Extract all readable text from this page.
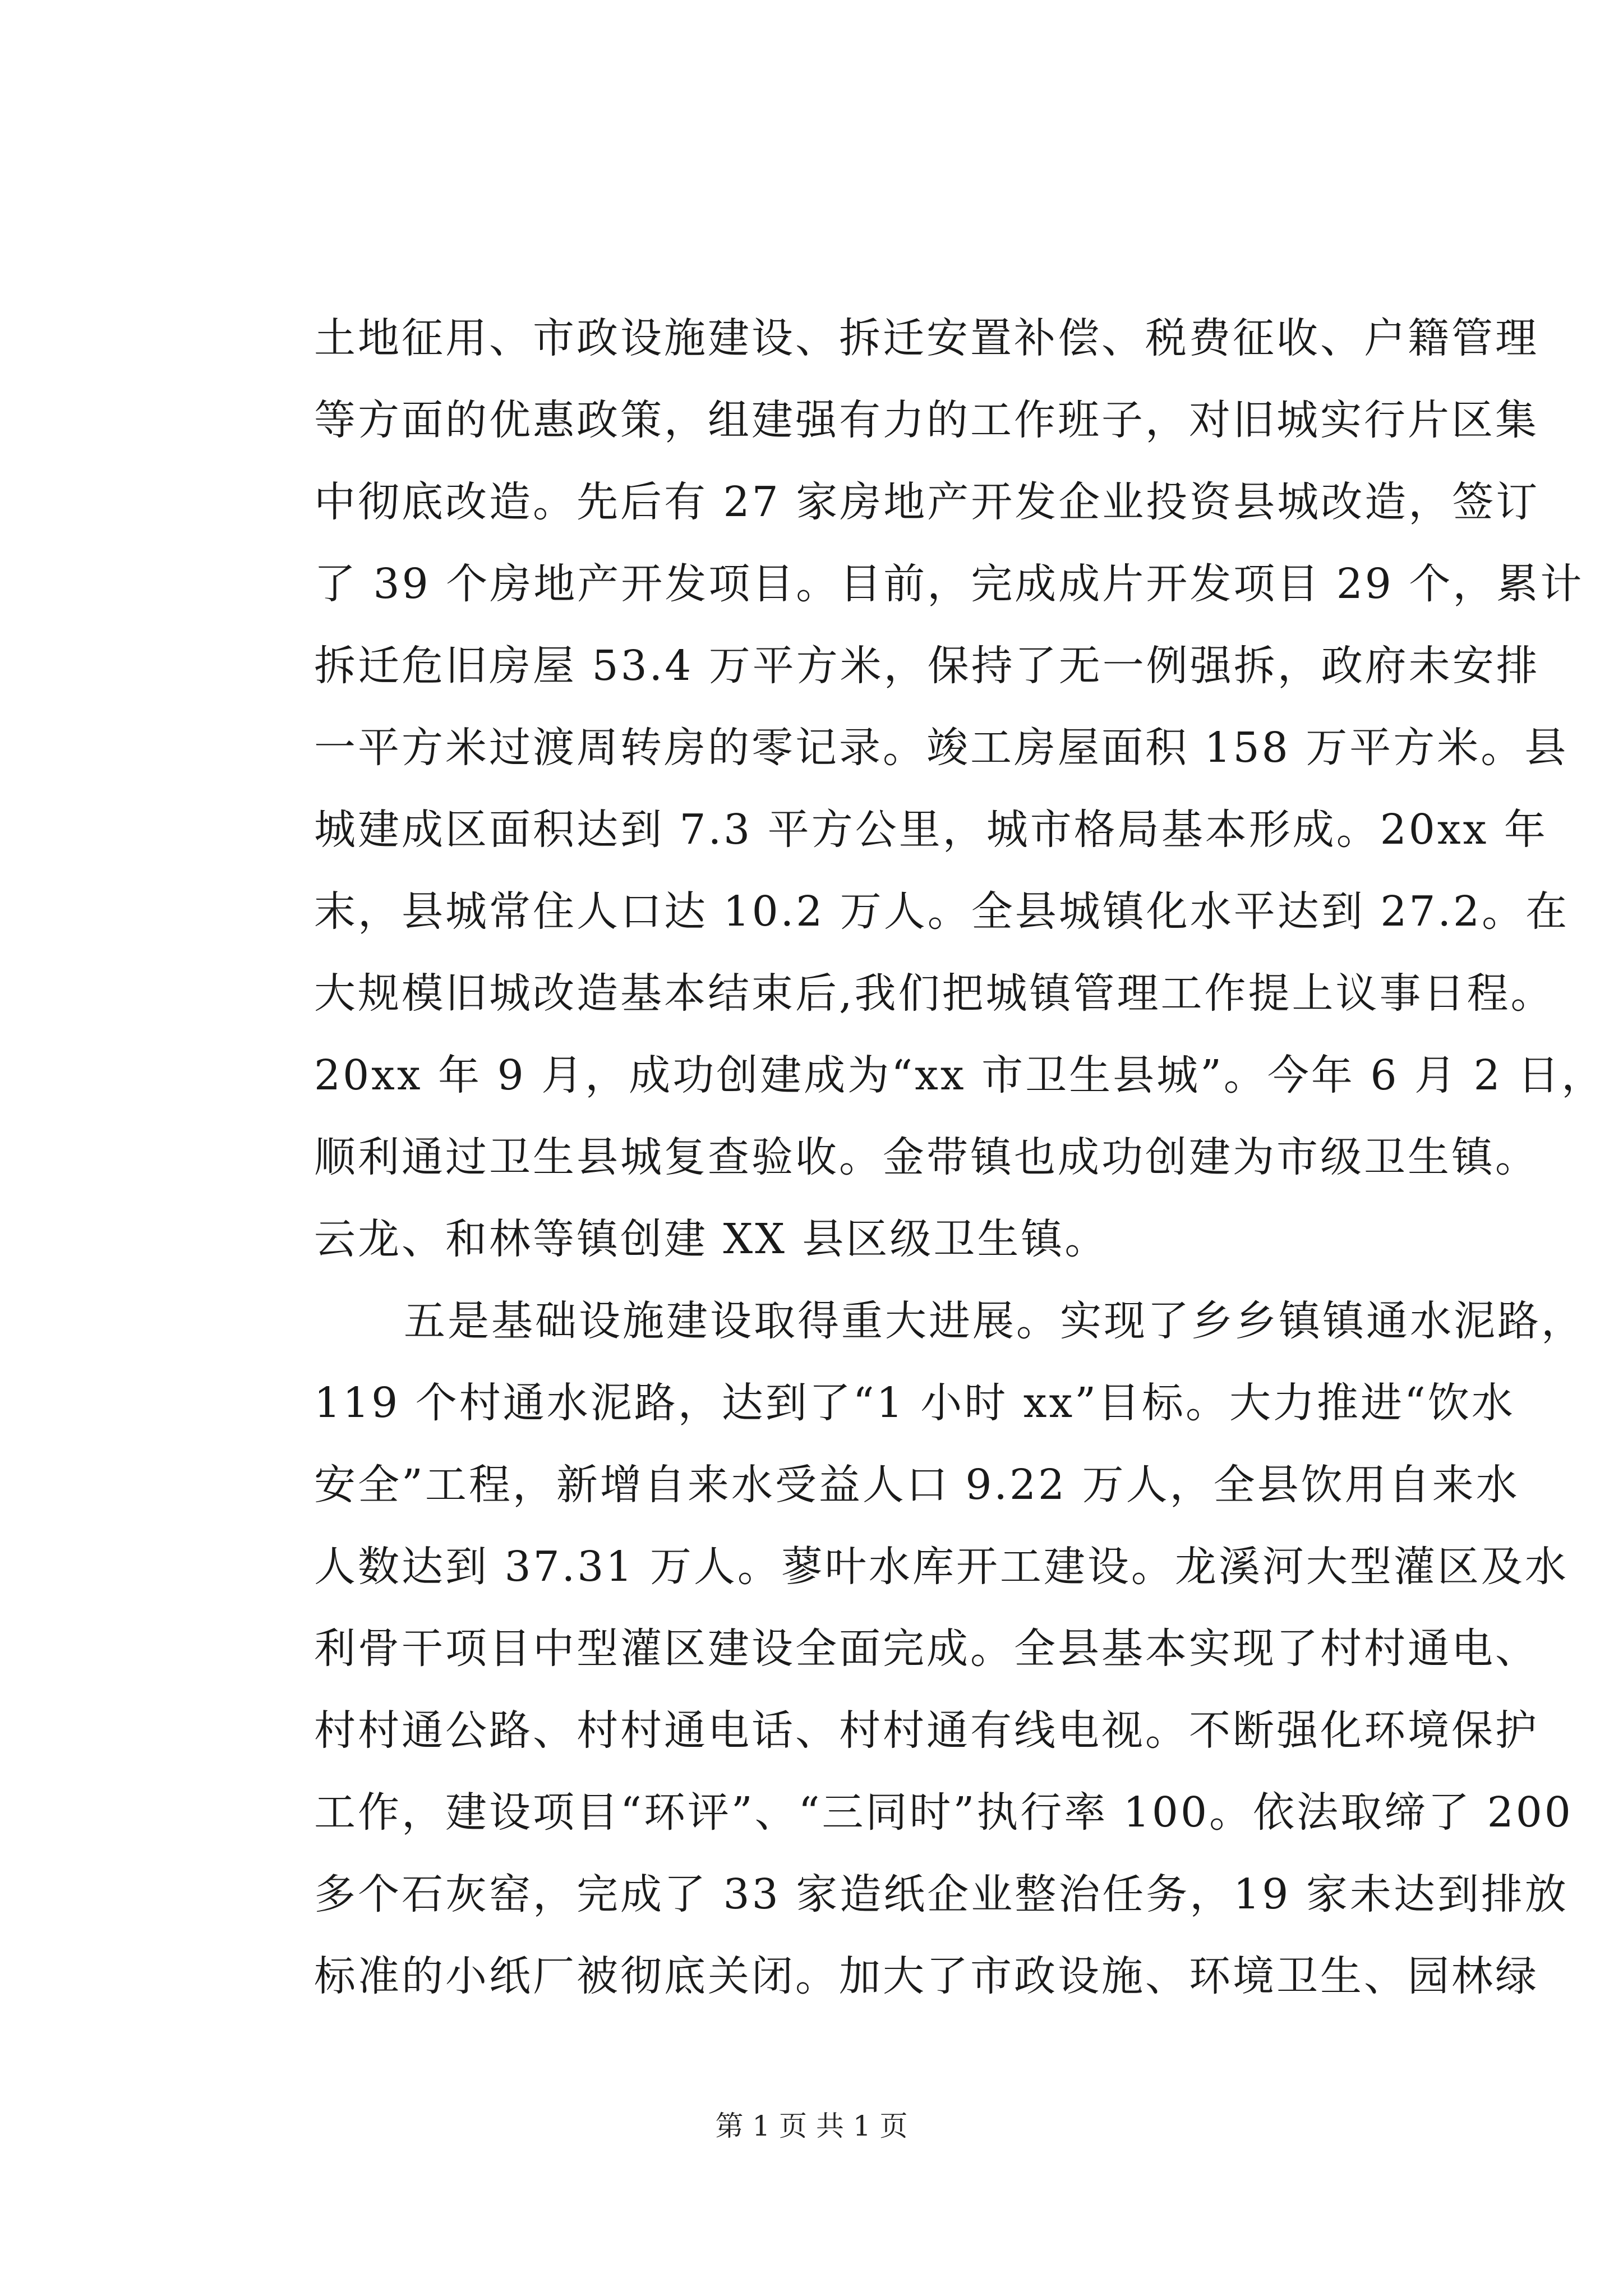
土地征用、市政设施建设、拆迁安置补偿、税费征收、户籍管理
等方面的优惠政策，组建强有力的工作班子，对旧城实行片区集
中彻底改造。先后有 27 家房地产开发企业投资县城改造，签订
了 39 个房地产开发项目。目前，完成成片开发项目 29 个，累计
拆迁危旧房屋 53.4 万平方米，保持了无一例强拆，政府未安排
一平方米过渡周转房的零记录。竣工房屋面积 158 万平方米。县
城建成区面积达到 7.3 平方公里，城市格局基本形成。20xx 年
末，县城常住人口达 10.2 万人。全县城镇化水平达到 27.2。在
大规模旧城改造基本结束后,我们把城镇管理工作提上议事日程。
20xx 年 9 月，成功创建成为“xx 市卫生县城”。今年 6 月 2 日，
顺利通过卫生县城复查验收。金带镇也成功创建为市级卫生镇。
云龙、和林等镇创建 XX 县区级卫生镇。
五是基础设施建设取得重大进展。实现了乡乡镇镇通水泥路，
119 个村通水泥路，达到了“1 小时 xx”目标。大力推进“饮水
安全”工程，新增自来水受益人口 9.22 万人，全县饮用自来水
人数达到 37.31 万人。蓼叶水库开工建设。龙溪河大型灌区及水
利骨干项目中型灌区建设全面完成。全县基本实现了村村通电、
村村通公路、村村通电话、村村通有线电视。不断强化环境保护
工作，建设项目“环评”、“三同时”执行率 100。依法取缔了 200
多个石灰窑，完成了 33 家造纸企业整治任务，19 家未达到排放
标准的小纸厂被彻底关闭。加大了市政设施、环境卫生、园林绿
第 1 页 共 1 页
